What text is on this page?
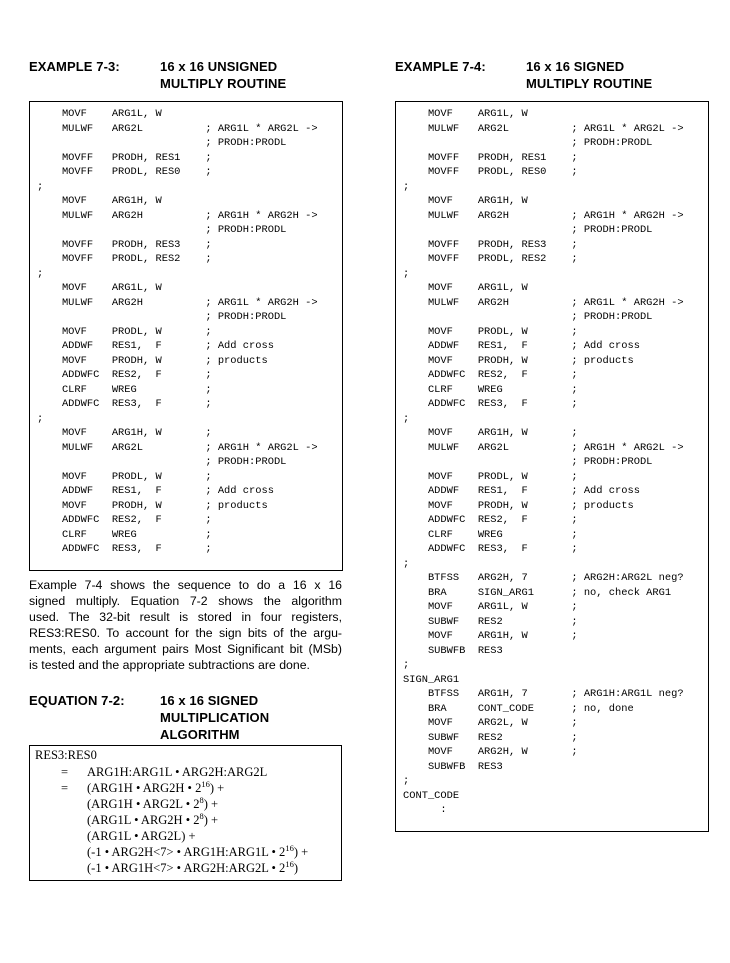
EXAMPLE 7-3:	16 x 16 UNSIGNED
MULTIPLY ROUTINE
EXAMPLE 7-4:	16 x 16 SIGNED
MULTIPLY ROUTINE
MOVF    ARG1L, W
MULWF   ARG2L          ; ARG1L * ARG2L ->
; PRODH:PRODL
MOVFF   PRODH, RES1    ;
MOVFF   PRODL, RES0    ;
;
MOVF    ARG1H, W
MULWF   ARG2H          ; ARG1H * ARG2H ->
; PRODH:PRODL
MOVFF   PRODH, RES3    ;
MOVFF   PRODL, RES2    ;
;
MOVF    ARG1L, W
MULWF   ARG2H          ; ARG1L * ARG2H ->
; PRODH:PRODL
MOVF    PRODL, W       ;
ADDWF   RES1,  F       ; Add cross
MOVF    PRODH, W       ; products
ADDWFC  RES2,  F       ;
CLRF    WREG           ;
ADDWFC  RES3,  F       ;
;
MOVF    ARG1H, W       ;
MULWF   ARG2L          ; ARG1H * ARG2L ->
; PRODH:PRODL
MOVF    PRODL, W       ;
ADDWF   RES1,  F       ; Add cross
MOVF    PRODH, W       ; products
ADDWFC  RES2,  F       ;
CLRF    WREG           ;
ADDWFC  RES3,  F       ;
MOVF    ARG1L, W
MULWF   ARG2L          ; ARG1L * ARG2L ->
; PRODH:PRODL
MOVFF   PRODH, RES1    ;
MOVFF   PRODL, RES0    ;
;
MOVF    ARG1H, W
MULWF   ARG2H          ; ARG1H * ARG2H ->
; PRODH:PRODL
MOVFF   PRODH, RES3    ;
MOVFF   PRODL, RES2    ;
;
MOVF    ARG1L, W
MULWF   ARG2H          ; ARG1L * ARG2H ->
; PRODH:PRODL
MOVF    PRODL, W       ;
ADDWF   RES1,  F       ; Add cross
MOVF    PRODH, W       ; products
ADDWFC  RES2,  F       ;
CLRF    WREG           ;
ADDWFC  RES3,  F       ;
;
MOVF    ARG1H, W       ;
MULWF   ARG2L          ; ARG1H * ARG2L ->
; PRODH:PRODL
MOVF    PRODL, W       ;
ADDWF   RES1,  F       ; Add cross
MOVF    PRODH, W       ; products
ADDWFC  RES2,  F       ;
CLRF    WREG           ;
ADDWFC  RES3,  F       ;
;
BTFSS   ARG2H, 7       ; ARG2H:ARG2L neg?
BRA     SIGN_ARG1      ; no, check ARG1
MOVF    ARG1L, W       ;
SUBWF   RES2           ;
MOVF    ARG1H, W       ;
SUBWFB  RES3
;
SIGN_ARG1
BTFSS   ARG1H, 7       ; ARG1H:ARG1L neg?
BRA     CONT_CODE      ; no, done
MOVF    ARG2L, W       ;
SUBWF   RES2           ;
MOVF    ARG2H, W       ;
SUBWFB  RES3
;
CONT_CODE
:
Example 7-4 shows the sequence to do a 16 x 16
signed multiply. Equation 7-2 shows the algorithm
used. The 32-bit result is stored in four registers,
RES3:RES0. To account for the sign bits of the argu-
ments, each argument pairs Most Significant bit (MSb)
is tested and the appropriate subtractions are done.
EQUATION 7-2:	16 x 16 SIGNED
MULTIPLICATION
ALGORITHM
RES3:RES0
= ARG1H:ARG1L • ARG2H:ARG2L
= (ARG1H • ARG2H • $2^{16}$) +
(ARG1H • ARG2L • $2^8$) +
(ARG1L • ARG2H • $2^8$) +
(ARG1L • ARG2L) +
(-1 • ARG2H<7> • ARG1H:ARG1L • $2^{16}$) +
(-1 • ARG1H<7> • ARG2H:ARG2L • $2^{16}$)
